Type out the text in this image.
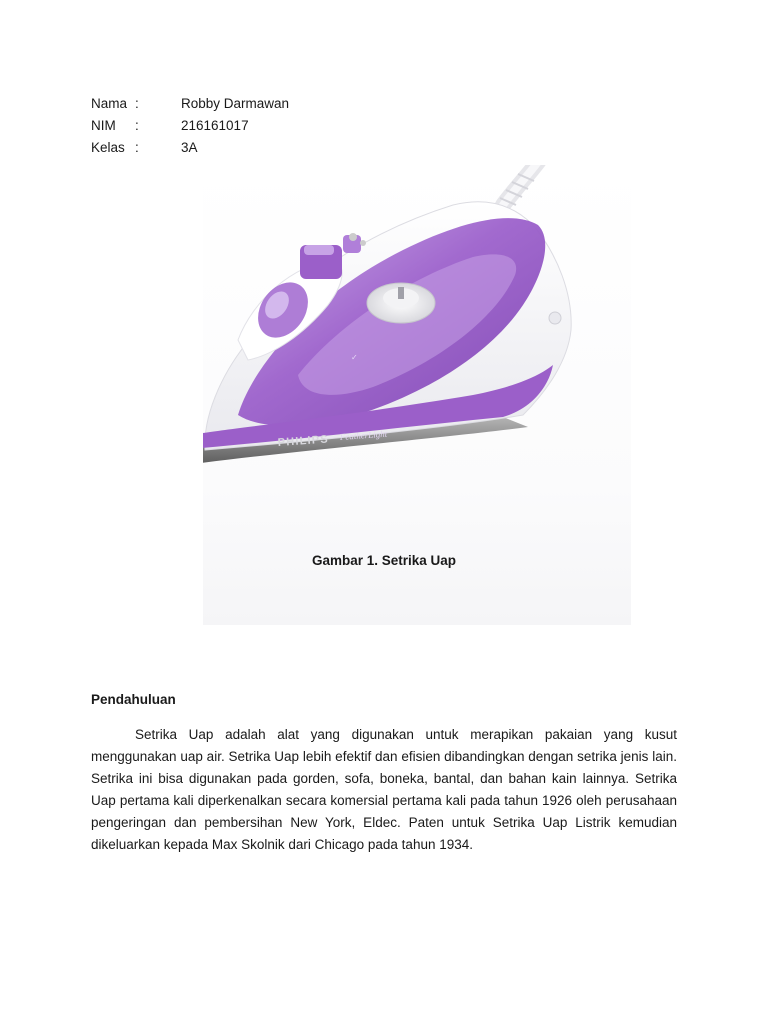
Nama :	Robby Darmawan
NIM :	216161017
Kelas :	3A
✓
PHILIPS FeatherLight
Gambar 1. Setrika Uap
Pendahuluan

Setrika Uap adalah alat yang digunakan untuk merapikan pakaian yang kusut menggunakan uap air. Setrika Uap lebih efektif dan efisien dibandingkan dengan setrika jenis lain. Setrika ini bisa digunakan pada gorden, sofa, boneka, bantal, dan bahan kain lainnya. Setrika Uap pertama kali diperkenalkan secara komersial pertama kali pada tahun 1926 oleh perusahaan pengeringan dan pembersihan New York, Eldec. Paten untuk Setrika Uap Listrik kemudian dikeluarkan kepada Max Skolnik dari Chicago pada tahun 1934.
